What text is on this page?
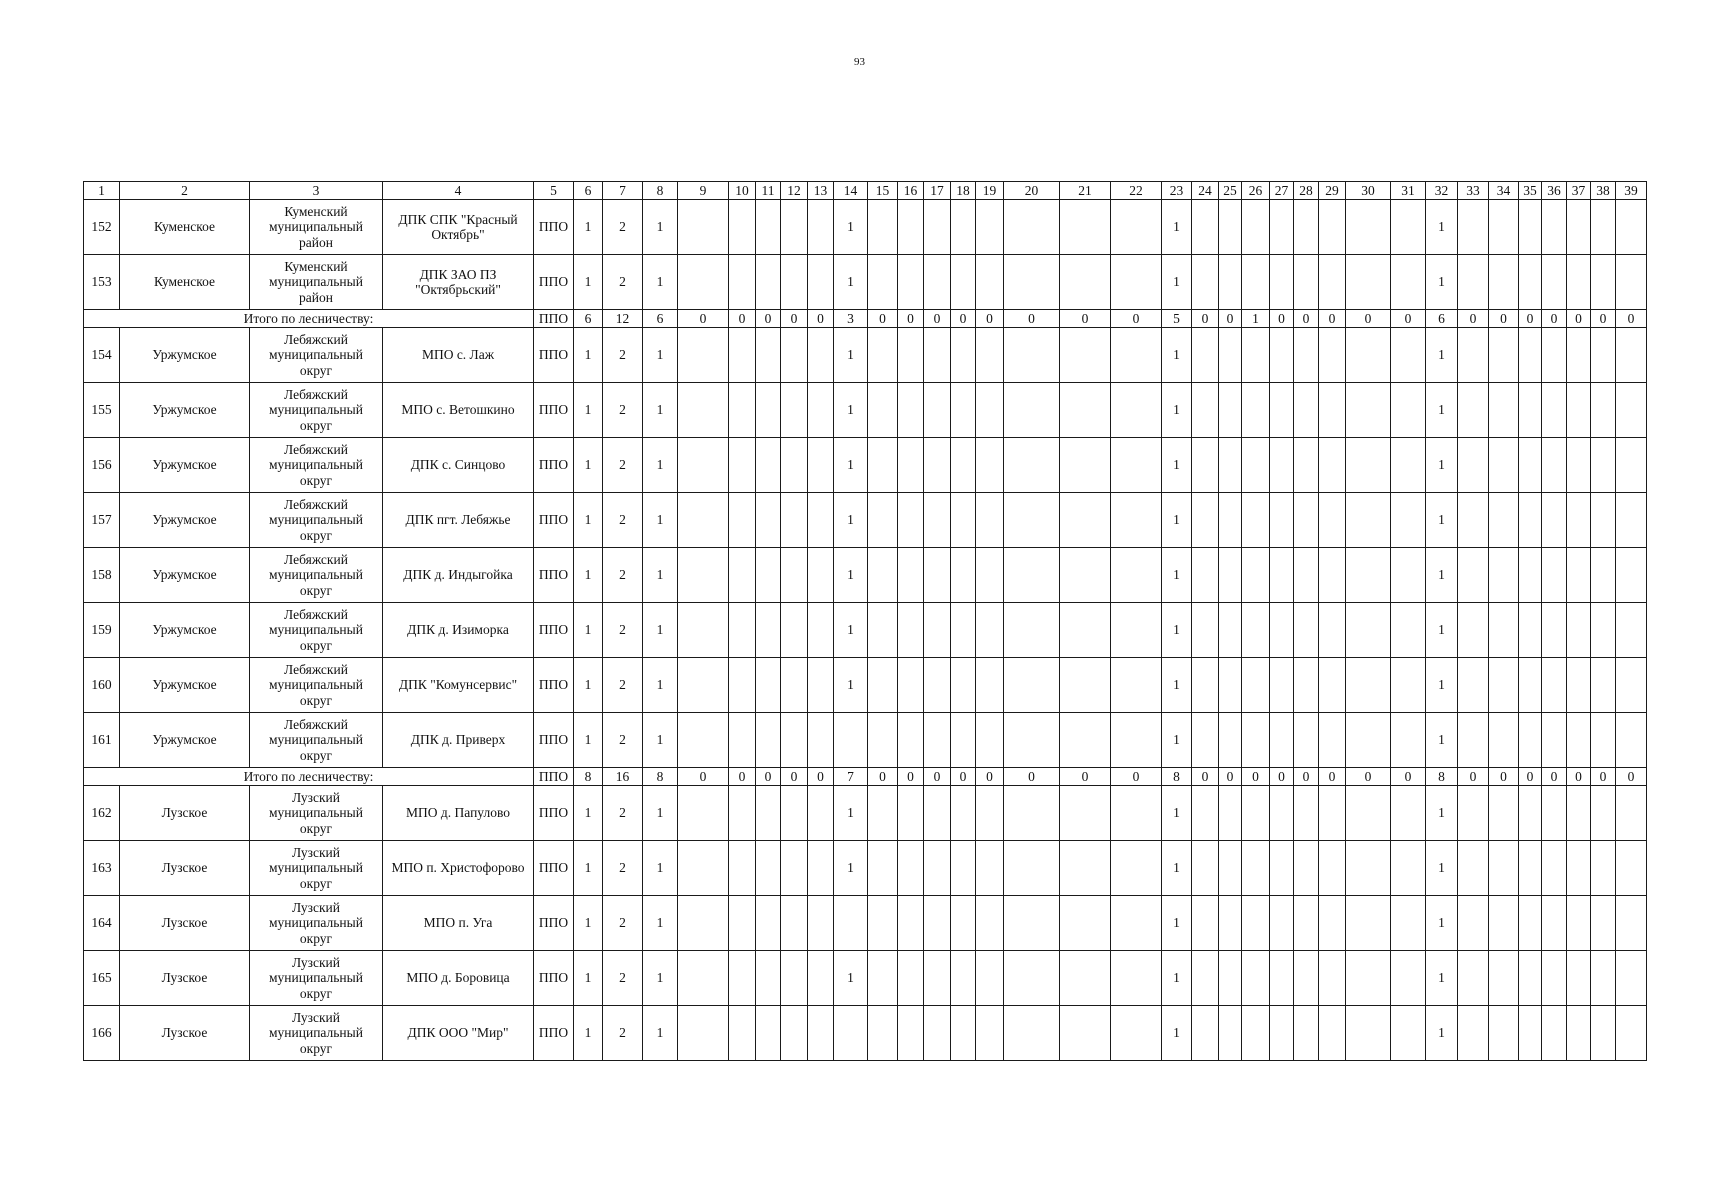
93
1	2	3	4	5	6	7	8	9	10	11	12	13	14	15	16	17	18	19	20	21	22	23	24	25	26	27	28	29	30	31	32	33	34	35	36	37	38	39
152	Куменское	Куменский
муниципальный
район	ДПК СПК "Красный Октябрь"	ППО	1	2	1						1									1									1							
153	Куменское	Куменский
муниципальный
район	ДПК ЗАО ПЗ "Октябрьский"	ППО	1	2	1						1									1									1							
Итого по лесничеству:				ППО	6	12	6	0	0	0	0	0	3	0	0	0	0	0	0	0	0	5	0	0	1	0	0	0	0	0	6	0	0	0	0	0	0	0
154	Уржумское	Лебяжский
муниципальный
округ	МПО с. Лаж	ППО	1	2	1						1									1									1							
155	Уржумское	Лебяжский
муниципальный
округ	МПО с. Ветошкино	ППО	1	2	1						1									1									1							
156	Уржумское	Лебяжский
муниципальный
округ	ДПК с. Синцово	ППО	1	2	1						1									1									1							
157	Уржумское	Лебяжский
муниципальный
округ	ДПК пгт. Лебяжье	ППО	1	2	1						1									1									1							
158	Уржумское	Лебяжский
муниципальный
округ	ДПК д. Индыгойка	ППО	1	2	1						1									1									1							
159	Уржумское	Лебяжский
муниципальный
округ	ДПК д. Изиморка	ППО	1	2	1						1									1									1							
160	Уржумское	Лебяжский
муниципальный
округ	ДПК "Комунсервис"	ППО	1	2	1						1									1									1							
161	Уржумское	Лебяжский
муниципальный
округ	ДПК д. Приверх	ППО	1	2	1															1									1							
Итого по лесничеству:				ППО	8	16	8	0	0	0	0	0	7	0	0	0	0	0	0	0	0	8	0	0	0	0	0	0	0	0	8	0	0	0	0	0	0	0
162	Лузское	Лузский
муниципальный
округ	МПО д. Папулово	ППО	1	2	1						1									1									1							
163	Лузское	Лузский
муниципальный
округ	МПО п. Христофорово	ППО	1	2	1						1									1									1							
164	Лузское	Лузский
муниципальный
округ	МПО п. Уга	ППО	1	2	1															1									1							
165	Лузское	Лузский
муниципальный
округ	МПО д. Боровица	ППО	1	2	1						1									1									1							
166	Лузское	Лузский
муниципальный
округ	ДПК ООО "Мир"	ППО	1	2	1															1									1							
